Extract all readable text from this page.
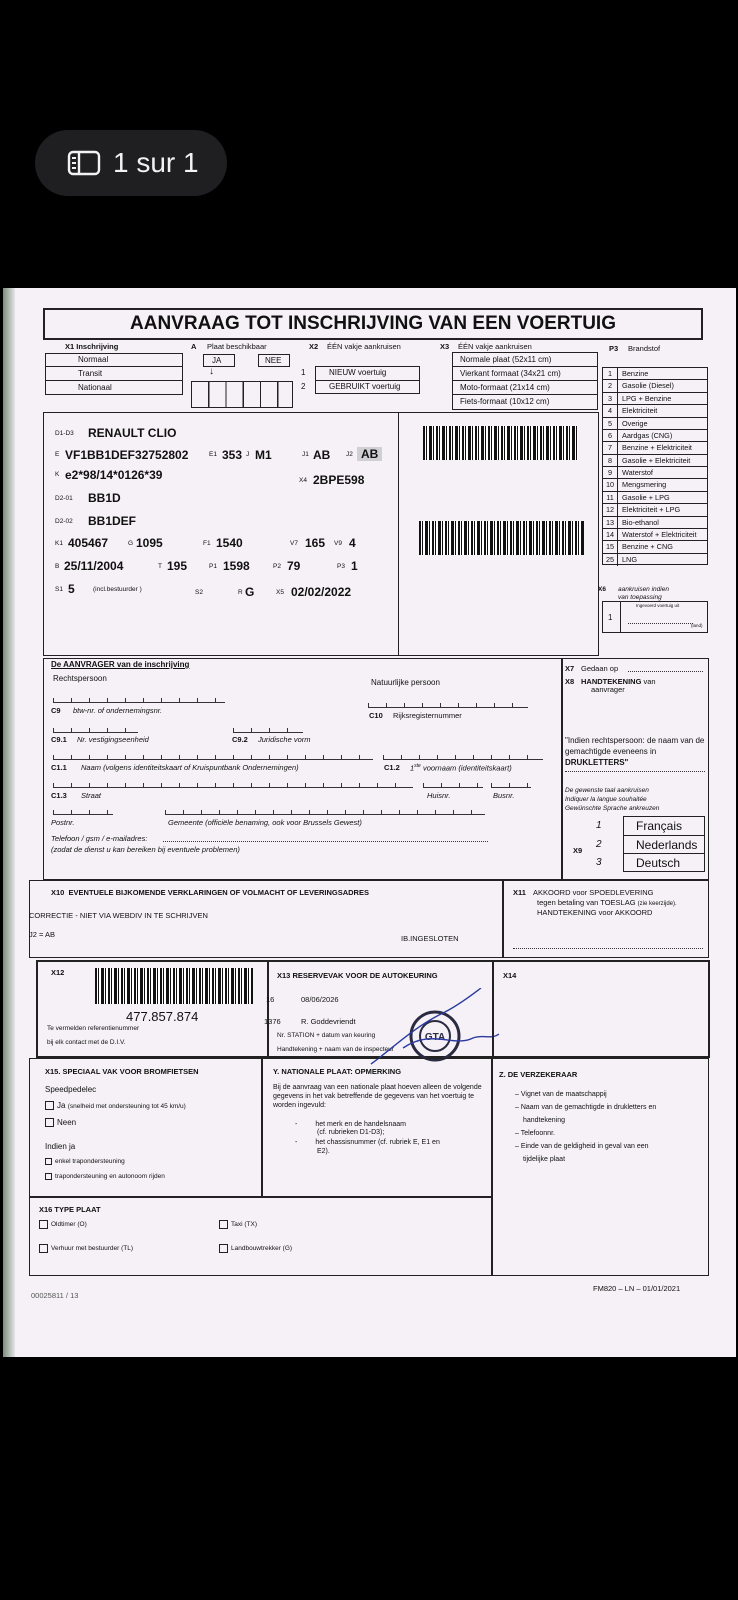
1 sur 1
AANVRAAG TOT INSCHRIJVING VAN EEN VOERTUIG
X1 Inschrijving
Normaal
Transit
Nationaal
A Plaat beschikbaar
JA	NEE
↓
X2 ÉÉN vakje aankruisen
1
2
NIEUW voertuig
GEBRUIKT voertuig
X3 ÉÉN vakje aankruisen
Normale plaat (52x11 cm)
Vierkant formaat (34x21 cm)
Moto-formaat (21x14 cm)
Fiets-formaat (10x12 cm)
P3 Brandstof
1	Benzine
2	Gasolie (Diesel)
3	LPG + Benzine
4	Elektriciteit
5	Overige
6	Aardgas (CNG)
7	Benzine + Elektriciteit
8	Gasolie + Elektriciteit
9	Waterstof
10	Mengsmering
11	Gasolie + LPG
12	Elektriciteit + LPG
13	Bio-ethanol
14	Waterstof + Elektriciteit
15	Benzine + CNG
25	LNG
D1-D3 RENAULT CLIO
E VF1BB1DEF32752802	E1 353 J M1	J1 AB J2 AB
K e2*98/14*0126*39	X4 2BPE598
D2-01 BB1D
D2-02 BB1DEF
K1 405467	G 1095	F1 1540	V7 165 V9 4
B 25/11/2004	T 195	P1 1598	P2 79	P3 1
S1 5	(incl.bestuurder )	S2	R G	X5 02/02/2022	X6 aankruisen indien
van toepassing
1
Ingevoerd voertuig uit
(land)
De AANVRAGER van de inschrijving
Rechtspersoon	Natuurlijke persoon
C9 btw-nr. of ondernemingsnr.
C10 Rijksregisternummer
C9.1 Nr. vestigingseenheid	C9.2 Juridische vorm
C1.1 Naam (volgens identiteitskaart of Kruispuntbank Ondernemingen)	C1.2 1ste voornaam (identiteitskaart)
C1.3 Straat	Huisnr.	Busnr.
Postnr.	Gemeente (officiële benaming, ook voor Brussels Gewest)
Telefoon / gsm / e-mailadres:
(zodat de dienst u kan bereiken bij eventuele problemen)
X7 Gedaan op
X8 HANDTEKENING van
aanvrager
"Indien rechtspersoon: de naam van de gemachtigde eveneens in DRUKLETTERS"
De gewenste taal aankruisen
Indiquer la langue souhaitée
Gewünschte Sprache ankreuzen
X9
1	Français
2	Nederlands
3	Deutsch
X10 EVENTUELE BIJKOMENDE VERKLARINGEN OF VOLMACHT OF LEVERINGSADRES
CORRECTIE - NIET VIA WEBDIV IN TE SCHRIJVEN
J2 = AB	IB.INGESLOTEN
X11 AKKOORD voor SPOEDLEVERING
tegen betaling van TOESLAG (zie keerzijde).
HANDTEKENING voor AKKOORD
X12
477.857.874
Te vermelden referentienummer
bij elk contact met de D.I.V.
X13 RESERVEVAK VOOR DE AUTOKEURING
16	08/06/2026
1376	R. Goddevriendt
Nr. STATION + datum van keuring
Handtekening + naam van de inspecteur
GTA
X14
X15. SPECIAAL VAK VOOR BROMFIETSEN
Speedpedelec
Ja (snelheid met ondersteuning tot 45 km/u)
Neen
Indien ja
enkel trapondersteuning
trapondersteuning en autonoom rijden
Y. NATIONALE PLAAT: OPMERKING
Bij de aanvraag van een nationale plaat hoeven alleen de volgende gegevens in het vak betreffende de gegevens van het voertuig te worden ingevuld:
-	het merk en de handelsnaam
(cf. rubrieken D1-D3);
-	het chassisnummer (cf. rubriek E, E1 en
E2).
Z. DE VERZEKERAAR
– Vignet van de maatschappij
– Naam van de gemachtigde in drukletters en
handtekening
– Telefoonnr.
– Einde van de geldigheid in geval van een
tijdelijke plaat
X16 TYPE PLAAT
Oldtimer (O)	Taxi (TX)
Verhuur met bestuurder (TL)	Landbouwtrekker (G)
00025811 / 13
FM820 – LN – 01/01/2021
